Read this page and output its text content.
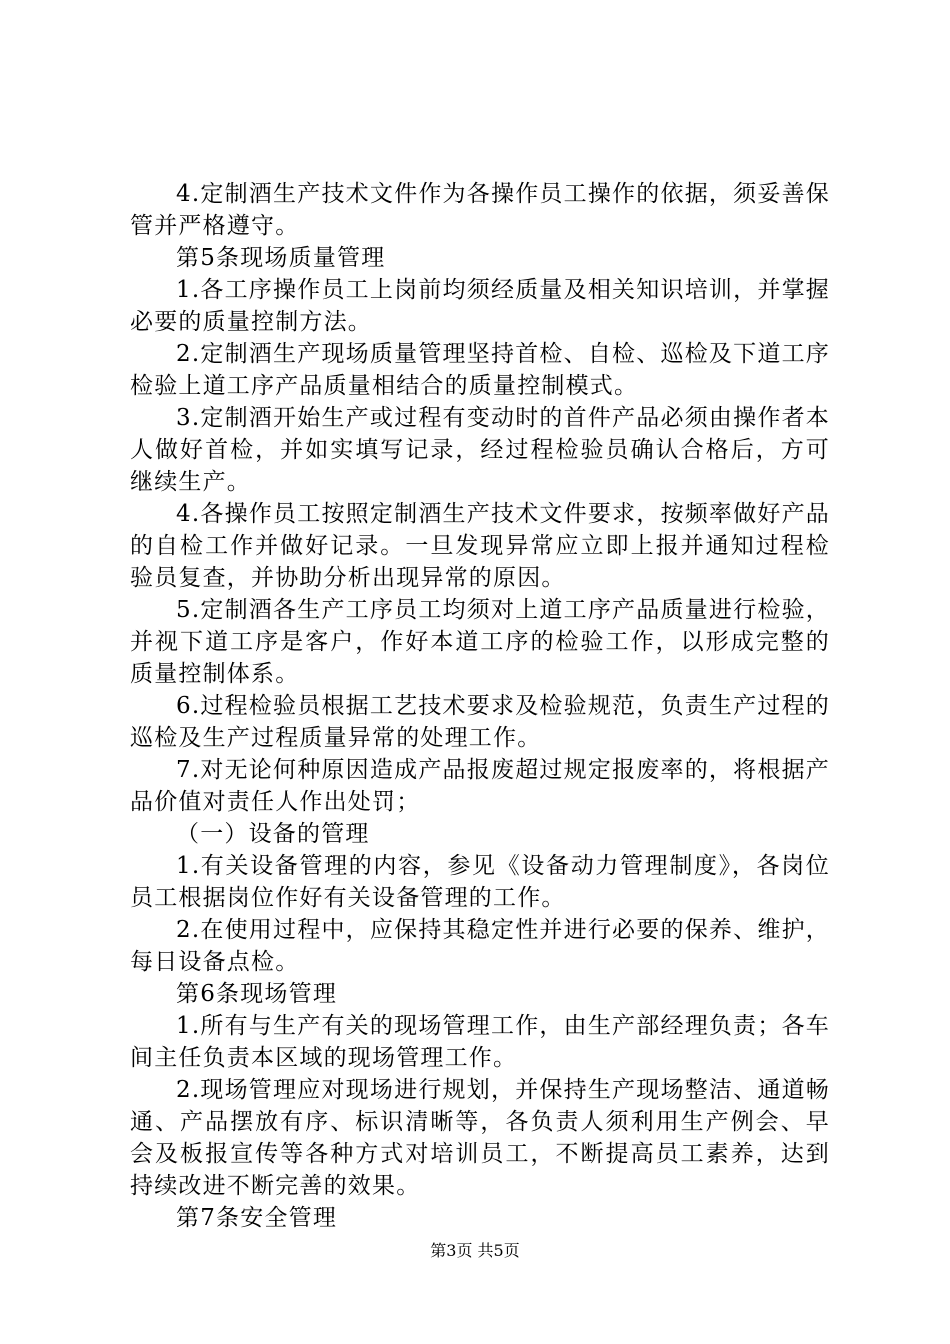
4.定制酒生产技术文件作为各操作员工操作的依据，须妥善保管并严格遵守。

第5条现场质量管理

1.各工序操作员工上岗前均须经质量及相关知识培训，并掌握必要的质量控制方法。

2.定制酒生产现场质量管理坚持首检、自检、巡检及下道工序检验上道工序产品质量相结合的质量控制模式。

3.定制酒开始生产或过程有变动时的首件产品必须由操作者本人做好首检，并如实填写记录，经过程检验员确认合格后，方可继续生产。

4.各操作员工按照定制酒生产技术文件要求，按频率做好产品的自检工作并做好记录。一旦发现异常应立即上报并通知过程检验员复查，并协助分析出现异常的原因。

5.定制酒各生产工序员工均须对上道工序产品质量进行检验，并视下道工序是客户，作好本道工序的检验工作，以形成完整的质量控制体系。

6.过程检验员根据工艺技术要求及检验规范，负责生产过程的巡检及生产过程质量异常的处理工作。

7.对无论何种原因造成产品报废超过规定报废率的，将根据产品价值对责任人作出处罚；

（一）设备的管理

1.有关设备管理的内容，参见《设备动力管理制度》，各岗位员工根据岗位作好有关设备管理的工作。

2.在使用过程中，应保持其稳定性并进行必要的保养、维护，每日设备点检。

第6条现场管理

1.所有与生产有关的现场管理工作，由生产部经理负责；各车间主任负责本区域的现场管理工作。

2.现场管理应对现场进行规划，并保持生产现场整洁、通道畅通、产品摆放有序、标识清晰等，各负责人须利用生产例会、早会及板报宣传等各种方式对培训员工，不断提高员工素养，达到持续改进不断完善的效果。

第7条安全管理

第3页 共5页
